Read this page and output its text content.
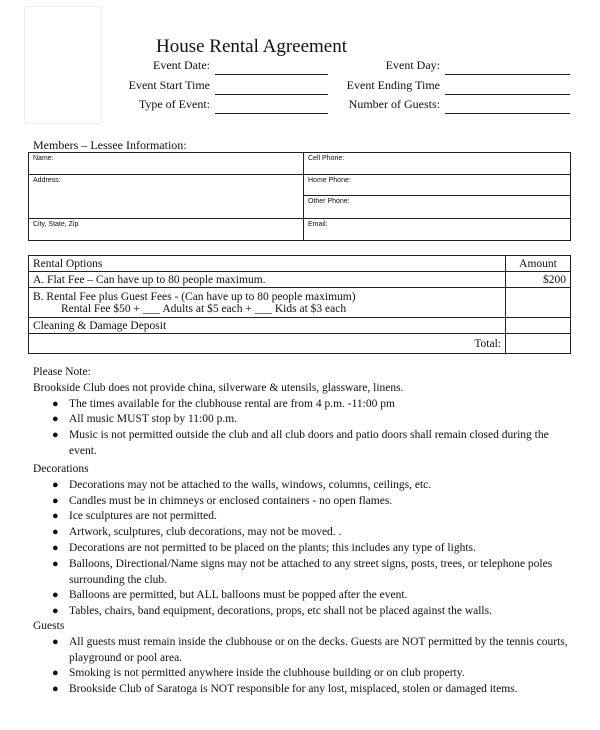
House Rental Agreement
Event Date:	Event Day:
Event Start Time	Event Ending Time
Type of Event:	Number of Guests:
Members – Lessee Information:
Name:	Cell Phone:
Address:	Home Phone:
Other Phone:

City, State, Zip	Email:
Rental Options	Amount
A. Flat Fee – Can have up to 80 people maximum.	$200

B. Rental Fee plus Guest Fees - (Can have up to 80 people maximum)
Rental Fee $50 + ___ Adults at $5 each + ___ Kids at $3 each	

Cleaning & Damage Deposit	
Total:	
Please Note:
Brookside Club does not provide china, silverware & utensils, glassware, linens.
● The times available for the clubhouse rental are from 4 p.m. -11:00 pm
● All music MUST stop by 11:00 p.m.
● Music is not permitted outside the club and all club doors and patio doors shall remain closed during the event.
Decorations
● Decorations may not be attached to the walls, windows, columns, ceilings, etc.
● Candles must be in chimneys or enclosed containers - no open flames.
● Ice sculptures are not permitted.
● Artwork, sculptures, club decorations, may not be moved. .
● Decorations are not permitted to be placed on the plants; this includes any type of lights.
● Balloons, Directional/Name signs may not be attached to any street signs, posts, trees, or telephone poles surrounding the club.
● Balloons are permitted, but ALL balloons must be popped after the event.
● Tables, chairs, band equipment, decorations, props, etc shall not be placed against the walls.
Guests
● All guests must remain inside the clubhouse or on the decks. Guests are NOT permitted by the tennis courts, playground or pool area.
● Smoking is not permitted anywhere inside the clubhouse building or on club property.
● Brookside Club of Saratoga is NOT responsible for any lost, misplaced, stolen or damaged items.
